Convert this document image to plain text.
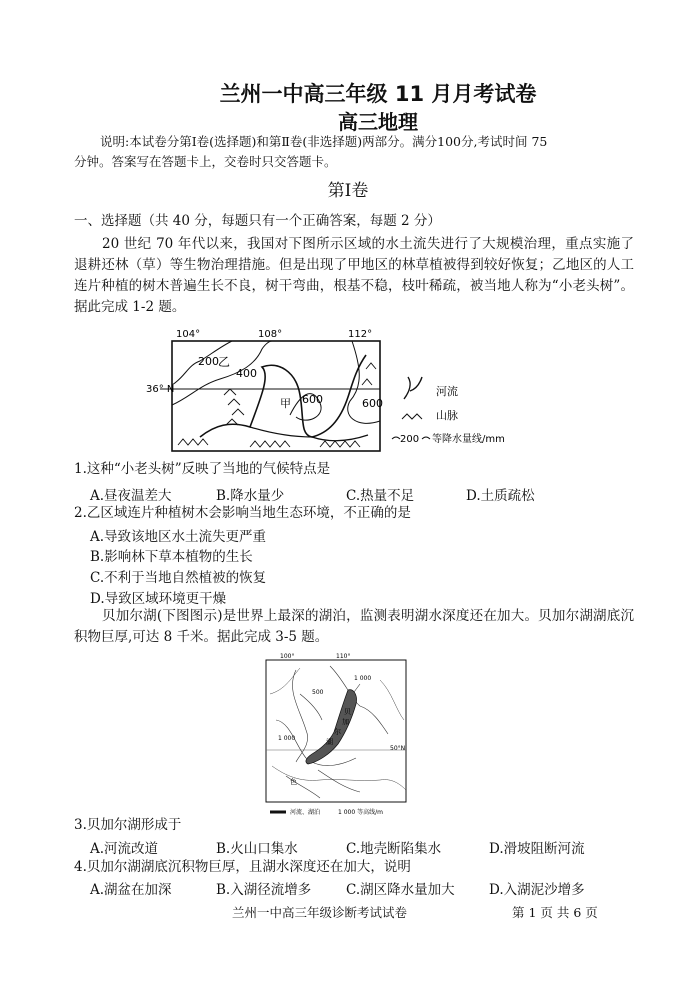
兰州一中高三年级 11 月月考试卷
高三地理
说明:本试卷分第Ⅰ卷(选择题)和第Ⅱ卷(非选择题)两部分。满分100分,考试时间 75
分钟。答案写在答题卡上，交卷时只交答题卡。
第Ⅰ卷
一、选择题（共 40 分，每题只有一个正确答案，每题 2 分）
20 世纪 70 年代以来，我国对下图所示区域的水土流失进行了大规模治理，重点实施了退耕还林（草）等生物治理措施。但是出现了甲地区的林草植被得到较好恢复；乙地区的人工连片种植的树木普遍生长不良，树干弯曲，根基不稳，枝叶稀疏，被当地人称为“小老头树”。据此完成 1-2 题。
104°	108°	112°
36° N
200 乙
400
甲 600	600
河流
山脉
200 等降水量线/mm
1.这种“小老头树”反映了当地的气候特点是
A.昼夜温差大	B.降水量少	C.热量不足	D.土质疏松
2.乙区域连片种植树木会影响当地生态环境，不正确的是
A.导致该地区水土流失更严重
B.影响林下草本植物的生长
C.不利于当地自然植被的恢复
D.导致区域环境更干燥
贝加尔湖(下图图示)是世界上最深的湖泊，监测表明湖水深度还在加大。贝加尔湖湖底沉积物巨厚,可达 8 千米。据此完成 3-5 题。
100°	110°
50°N
500
1 000
1 000
贝
加
尔
湖
色
河流、湖泊	1 000 等高线/m
3.贝加尔湖形成于
A.河流改道	B.火山口集水	C.地壳断陷集水	D.滑坡阻断河流
4.贝加尔湖湖底沉积物巨厚，且湖水深度还在加大，说明
A.湖盆在加深	B.入湖径流增多	C.湖区降水量加大	D.入湖泥沙增多
兰州一中高三年级诊断考试试卷	第 1 页 共 6 页
